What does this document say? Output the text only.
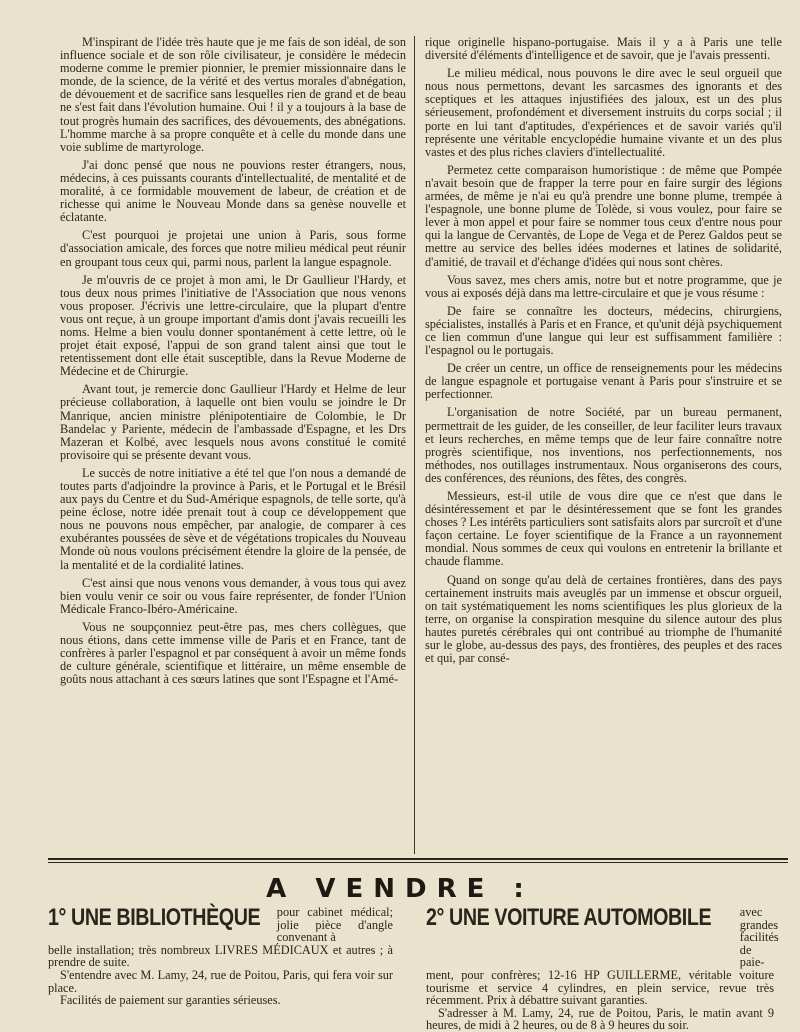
M'inspirant de l'idée très haute que je me fais de son idéal, de son influence sociale et de son rôle civilisateur, je considère le médecin moderne comme le premier pionnier, le premier missionnaire dans le monde, de la science, de la vérité et des vertus morales d'abnégation, de dévouement et de sacrifice sans lesquelles rien de grand et de beau ne s'est fait dans l'évolution humaine. Oui ! il y a toujours à la base de tout progrès humain des sacrifices, des dévouements, des abnégations. L'homme marche à sa propre conquête et à celle du monde dans une voie sublime de martyrologe.

J'ai donc pensé que nous ne pouvions rester étrangers, nous, médecins, à ces puissants courants d'intellectualité, de mentalité et de moralité, à ce formidable mouvement de labeur, de création et de richesse qui anime le Nouveau Monde dans sa genèse nouvelle et éclatante.

C'est pourquoi je projetai une union à Paris, sous forme d'association amicale, des forces que notre milieu médical peut réunir en groupant tous ceux qui, parmi nous, parlent la langue espagnole.

Je m'ouvris de ce projet à mon ami, le Dr Gaullieur l'Hardy, et tous deux nous primes l'initiative de l'Association que nous venons vous proposer. J'écrivis une lettre-circulaire, que la plupart d'entre vous ont reçue, à un groupe important d'amis dont j'avais recueilli les noms. Helme a bien voulu donner spontanément à cette lettre, où le projet était exposé, l'appui de son grand talent ainsi que tout le retentissement dont elle était susceptible, dans la Revue Moderne de Médecine et de Chirurgie.

Avant tout, je remercie donc Gaullieur l'Hardy et Helme de leur précieuse collaboration, à laquelle ont bien voulu se joindre le Dr Manrique, ancien ministre plénipotentiaire de Colombie, le Dr Bandelac y Pariente, médecin de l'ambassade d'Espagne, et les Drs Mazeran et Kolbé, avec lesquels nous avons constitué le comité provisoire qui se présente devant vous.

Le succès de notre initiative a été tel que l'on nous a demandé de toutes parts d'adjoindre la province à Paris, et le Portugal et le Brésil aux pays du Centre et du Sud-Amérique espagnols, de telle sorte, qu'à peine éclose, notre idée prenait tout à coup ce développement que nous ne pouvons nous empêcher, par analogie, de comparer à ces exubérantes poussées de sève et de végétations tropicales du Nouveau Monde où nous voulons précisément étendre la gloire de la pensée, de la mentalité et de la cordialité latines.

C'est ainsi que nous venons vous demander, à vous tous qui avez bien voulu venir ce soir ou vous faire représenter, de fonder l'Union Médicale Franco-Ibéro-Américaine.

Vous ne soupçonniez peut-être pas, mes chers collègues, que nous étions, dans cette immense ville de Paris et en France, tant de confrères à parler l'espagnol et par conséquent à avoir un même fonds de culture générale, scientifique et littéraire, un même ensemble de goûts nous attachant à ces sœurs latines que sont l'Espagne et l'Amé-

rique originelle hispano-portugaise. Mais il y a à Paris une telle diversité d'éléments d'intelligence et de savoir, que je l'avais pressenti.

Le milieu médical, nous pouvons le dire avec le seul orgueil que nous nous permettons, devant les sarcasmes des ignorants et des sceptiques et les attaques injustifiées des jaloux, est un des plus sérieusement, profondément et diversement instruits du corps social ; il porte en lui tant d'aptitudes, d'expériences et de savoir variés qu'il représente une véritable encyclopédie humaine vivante et un des plus vastes et des plus riches claviers d'intellectualité.

Permetez cette comparaison humoristique : de même que Pompée n'avait besoin que de frapper la terre pour en faire surgir des légions armées, de même je n'ai eu qu'à prendre une bonne plume, trempée à l'espagnole, une bonne plume de Tolède, si vous voulez, pour faire se lever à mon appel et pour faire se nommer tous ceux d'entre nous pour qui la langue de Cervantès, de Lope de Vega et de Perez Galdos peut se mettre au service des belles idées modernes et latines de solidarité, d'amitié, de travail et d'échange d'idées qui nous sont chères.

Vous savez, mes chers amis, notre but et notre programme, que je vous ai exposés déjà dans ma lettre-circulaire et que je vous résume :

De faire se connaître les docteurs, médecins, chirurgiens, spécialistes, installés à Paris et en France, et qu'unit déjà psychiquement ce lien commun d'une langue qui leur est suffisamment familière : l'espagnol ou le portugais.

De créer un centre, un office de renseignements pour les médecins de langue espagnole et portugaise venant à Paris pour s'instruire et se perfectionner.

L'organisation de notre Société, par un bureau permanent, permettrait de les guider, de les conseiller, de leur faciliter leurs travaux et leurs recherches, en même temps que de leur faire connaître notre progrès scientifique, nos inventions, nos perfectionnements, nos méthodes, nos outillages instrumentaux. Nous organiserons des cours, des conférences, des réunions, des fêtes, des congrès.

Messieurs, est-il utile de vous dire que ce n'est que dans le désintéressement et par le désintéressement que se font les grandes choses ? Les intérêts particuliers sont satisfaits alors par surcroît et d'une façon certaine. Le foyer scientifique de la France a un rayonnement mondial. Nous sommes de ceux qui voulons en entretenir la brillante et chaude flamme.

Quand on songe qu'au delà de certaines frontières, dans des pays certainement instruits mais aveuglés par un immense et obscur orgueil, on tait systématiquement les noms scientifiques les plus glorieux de la terre, on organise la conspiration mesquine du silence autour des plus hautes puretés cérébrales qui ont contribué au triomphe de l'humanité sur le globe, au-dessus des pays, des frontières, des peuples et des races et qui, par consé-

A VENDRE :
1° UNE BIBLIOTHÈQUE pour cabinet médical; jolie pièce d'angle convenant à

belle installation; très nombreux LIVRES MÉDICAUX et autres ; à prendre de suite.

S'entendre avec M. Lamy, 24, rue de Poitou, Paris, qui fera voir sur place.

Facilités de paiement sur garanties sérieuses.

2° UNE VOITURE AUTOMOBILE avec grandes facilités de paie-

ment, pour confrères; 12-16 HP GUILLERME, véritable voiture tourisme et service 4 cylindres, en plein service, revue très récemment. Prix à débattre suivant garanties.

S'adresser à M. Lamy, 24, rue de Poitou, Paris, le matin avant 9 heures, de midi à 2 heures, ou de 8 à 9 heures du soir.
